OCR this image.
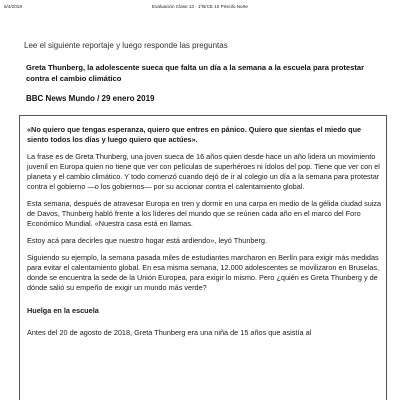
6/4/2019	Evaluación Clase 13 · 1ºB/CE 10 Priscilo Norte
Lee el siguiente reportaje y luego responde las preguntas
Greta Thunberg, la adolescente sueca que falta un día a la semana a la escuela para protestar contra el cambio climático
BBC News Mundo / 29 enero 2019

«No quiero que tengas esperanza, quiero que entres en pánico. Quiero que sientas el miedo que siento todos los días y luego quiero que actúes».

La frase es de Greta Thunberg, una joven sueca de 16 años quien desde hace un año lidera un movimiento juvenil en Europa quien no tiene que ver con películas de superhéroes ni ídolos del pop. Tiene que ver con el planeta y el cambio climático. Y todo comenzó cuando dejó de ir al colegio un día a la semana para protestar contra el gobierno —o los gobiernos— por su accionar contra el calentamiento global.

Esta semana, después de atravesar Europa en tren y dormir en una carpa en medio de la gélida ciudad suiza de Davos, Thunberg habló frente a los líderes del mundo que se reúnen cada año en el marco del Foro Económico Mundial. «Nuestra casa está en llamas.

Estoy acá para decirles que nuestro hogar está ardiendo», leyó Thunberg.

Siguiendo su ejemplo, la semana pasada miles de estudiantes marcharon en Berlín para exigir más medidas para evitar el calentamiento global. En esa misma semana, 12.000 adolescentes se movilizaron en Bruselas, donde se encuentra la sede de la Unión Europea, para exigir lo mismo. Pero ¿quién es Greta Thunberg y de dónde salió su empeño de exigir un mundo más verde?

Huelga en la escuela

Antes del 20 de agosto de 2018, Greta Thunberg era una niña de 15 años que asistía al
